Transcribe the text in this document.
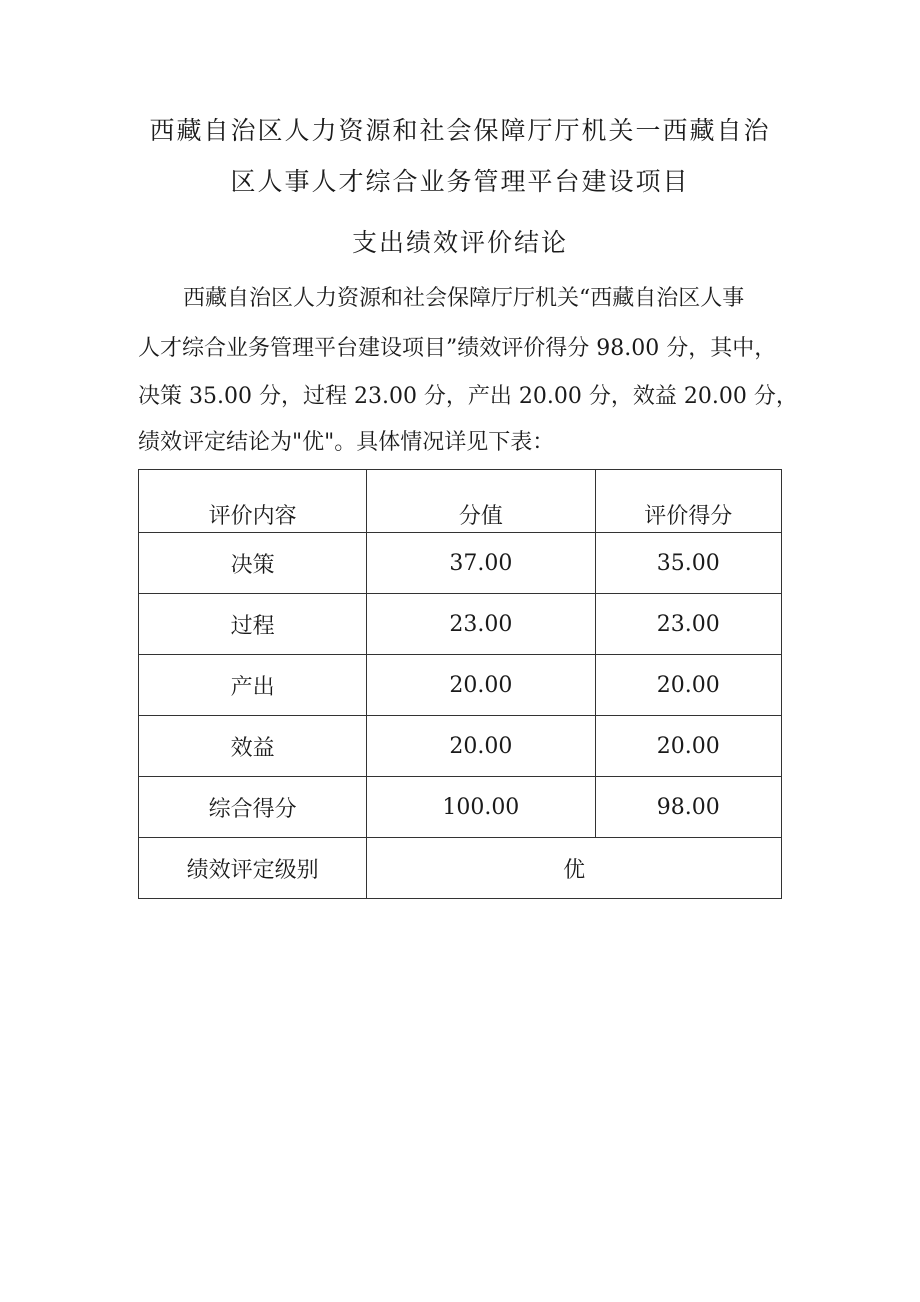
西藏自治区人力资源和社会保障厅厅机关一西藏自治
区人事人才综合业务管理平台建设项目
支出绩效评价结论
西藏自治区人力资源和社会保障厅厅机关“西藏自治区人事
人才综合业务管理平台建设项目”绩效评价得分 98.00 分，其中，
决策 35.00 分，过程 23.00 分，产出 20.00 分，效益 20.00 分，
绩效评定结论为"优"。具体情况详见下表：
评价内容	分值	评价得分
决策	37.00	35.00
过程	23.00	23.00
产出	20.00	20.00
效益	20.00	20.00
综合得分	100.00	98.00
绩效评定级别	优	
